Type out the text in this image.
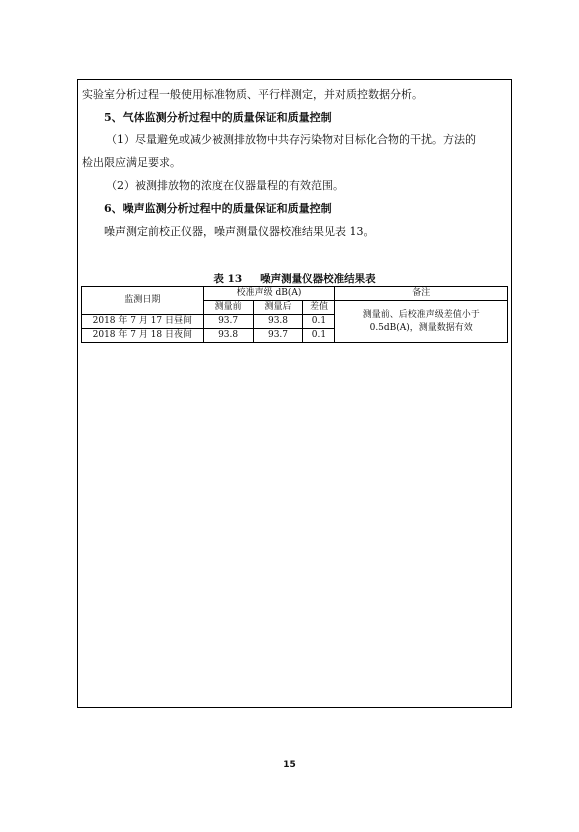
实验室分析过程一般使用标准物质、平行样测定，并对质控数据分析。
5、气体监测分析过程中的质量保证和质量控制
（1）尽量避免或减少被测排放物中共存污染物对目标化合物的干扰。方法的
检出限应满足要求。
（2）被测排放物的浓度在仪器量程的有效范围。
6、噪声监测分析过程中的质量保证和质量控制
噪声测定前校正仪器，噪声测量仪器校准结果见表 13。
表 13 噪声测量仪器校准结果表
监测日期	校准声级 dB(A)			备注
	测量前	测量后	差值	测量前、后校准声级差值小于
0.5dB(A)，测量数据有效
2018 年 7 月 17 日昼间	93.7	93.8	0.1	
2018 年 7 月 18 日夜间	93.8	93.7	0.1	
15
